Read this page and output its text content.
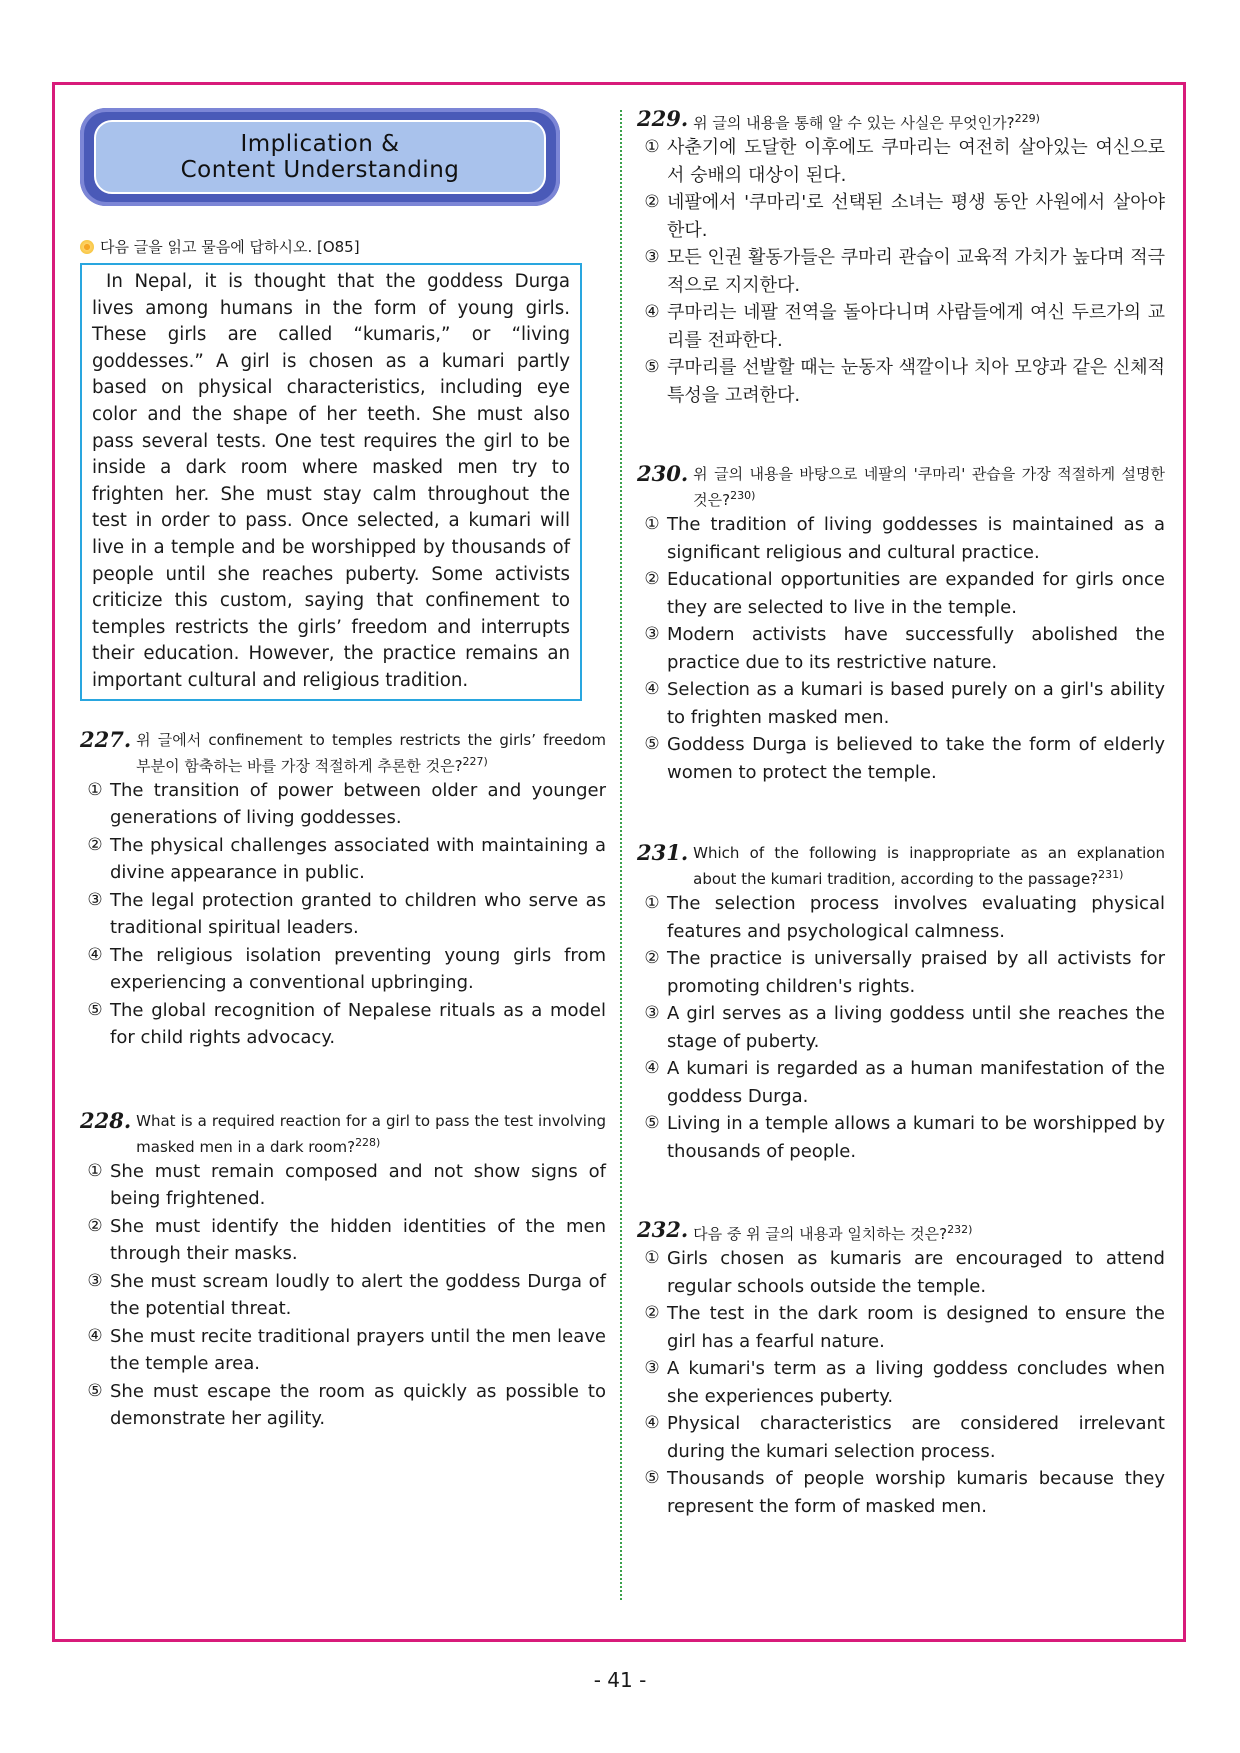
Implication &
Content Understanding
다음 글을 읽고 물음에 답하시오. [O85]

In Nepal, it is thought that the goddess Durga lives among humans in the form of young girls. These girls are called “kumaris,” or “living goddesses.” A girl is chosen as a kumari partly based on physical characteristics, including eye color and the shape of her teeth. She must also pass several tests. One test requires the girl to be inside a dark room where masked men try to frighten her. She must stay calm throughout the test in order to pass. Once selected, a kumari will live in a temple and be worshipped by thousands of people until she reaches puberty. Some activists criticize this custom, saying that confinement to temples restricts the girls’ freedom and interrupts their education. However, the practice remains an important cultural and religious tradition.

227. 위 글에서 confinement to temples restricts the girls’ freedom 부분이 함축하는 바를 가장 적절하게 추론한 것은?$^{227)}$
① The transition of power between older and younger generations of living goddesses.
② The physical challenges associated with maintaining a divine appearance in public.
③ The legal protection granted to children who serve as traditional spiritual leaders.
④ The religious isolation preventing young girls from experiencing a conventional upbringing.
⑤ The global recognition of Nepalese rituals as a model for child rights advocacy.
228. What is a required reaction for a girl to pass the test involving masked men in a dark room?$^{228)}$
① She must remain composed and not show signs of being frightened.
② She must identify the hidden identities of the men through their masks.
③ She must scream loudly to alert the goddess Durga of the potential threat.
④ She must recite traditional prayers until the men leave the temple area.
⑤ She must escape the room as quickly as possible to demonstrate her agility.
229. 위 글의 내용을 통해 알 수 있는 사실은 무엇인가?$^{229)}$
① 사춘기에 도달한 이후에도 쿠마리는 여전히 살아있는 여신으로서 숭배의 대상이 된다.
② 네팔에서 '쿠마리'로 선택된 소녀는 평생 동안 사원에서 살아야 한다.
③ 모든 인권 활동가들은 쿠마리 관습이 교육적 가치가 높다며 적극적으로 지지한다.
④ 쿠마리는 네팔 전역을 돌아다니며 사람들에게 여신 두르가의 교리를 전파한다.
⑤ 쿠마리를 선발할 때는 눈동자 색깔이나 치아 모양과 같은 신체적 특성을 고려한다.
230. 위 글의 내용을 바탕으로 네팔의 '쿠마리' 관습을 가장 적절하게 설명한 것은?$^{230)}$
① The tradition of living goddesses is maintained as a significant religious and cultural practice.
② Educational opportunities are expanded for girls once they are selected to live in the temple.
③ Modern activists have successfully abolished the practice due to its restrictive nature.
④ Selection as a kumari is based purely on a girl's ability to frighten masked men.
⑤ Goddess Durga is believed to take the form of elderly women to protect the temple.
231. Which of the following is inappropriate as an explanation about the kumari tradition, according to the passage?$^{231)}$
① The selection process involves evaluating physical features and psychological calmness.
② The practice is universally praised by all activists for promoting children's rights.
③ A girl serves as a living goddess until she reaches the stage of puberty.
④ A kumari is regarded as a human manifestation of the goddess Durga.
⑤ Living in a temple allows a kumari to be worshipped by thousands of people.
232. 다음 중 위 글의 내용과 일치하는 것은?$^{232)}$
① Girls chosen as kumaris are encouraged to attend regular schools outside the temple.
② The test in the dark room is designed to ensure the girl has a fearful nature.
③ A kumari's term as a living goddess concludes when she experiences puberty.
④ Physical characteristics are considered irrelevant during the kumari selection process.
⑤ Thousands of people worship kumaris because they represent the form of masked men.
- 41 -
